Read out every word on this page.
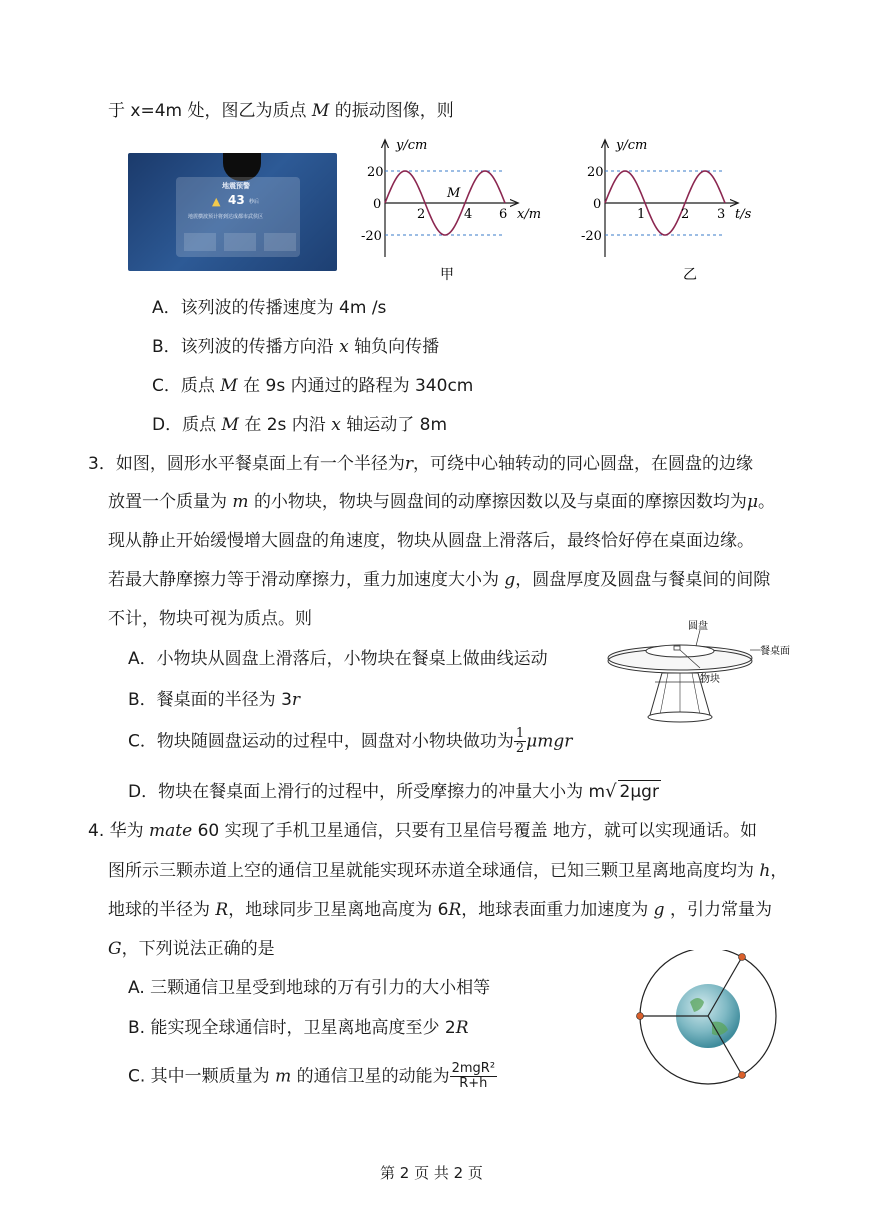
于 x=4m 处，图乙为质点 M 的振动图像，则
地震预警
▲ 43 秒后
地震横波预计将到达成都市武侯区
y/cm
20
0
-20
2	4 6 x/m
M
甲
y/cm
20
0
-20
1	2 3 t/s
乙
A．该列波的传播速度为 4m /s
B．该列波的传播方向沿 x 轴负向传播
C．质点 M 在 9s 内通过的路程为 340cm
D．质点 M 在 2s 内沿 x 轴运动了 8m
3．如图，圆形水平餐桌面上有一个半径为r，可绕中心轴转动的同心圆盘，在圆盘的边缘
放置一个质量为 m 的小物块，物块与圆盘间的动摩擦因数以及与桌面的摩擦因数均为μ。
现从静止开始缓慢增大圆盘的角速度，物块从圆盘上滑落后，最终恰好停在桌面边缘。
若最大静摩擦力等于滑动摩擦力，重力加速度大小为 g，圆盘厚度及圆盘与餐桌间的间隙
不计，物块可视为质点。则
A．小物块从圆盘上滑落后，小物块在餐桌上做曲线运动
B．餐桌面的半径为 3r
C．物块随圆盘运动的过程中，圆盘对小物块做功为 $\frac{1}{2}$ μmgr
D．物块在餐桌面上滑行的过程中，所受摩擦力的冲量大小为 m√ 2μgr
圆盘
餐桌面
物块
4. 华为 mate 60 实现了手机卫星通信，只要有卫星信号覆盖 地方，就可以实现通话。如
图所示三颗赤道上空的通信卫星就能实现环赤道全球通信，已知三颗卫星离地高度均为 h，
地球的半径为 R，地球同步卫星离地高度为 6R，地球表面重力加速度为 g ，引力常量为
G，下列说法正确的是
A. 三颗通信卫星受到地球的万有引力的大小相等
B. 能实现全球通信时，卫星离地高度至少 2R
C. 其中一颗质量为 m 的通信卫星的动能为 $\frac{\text{2mgR²}}{R+h}$
第 2 页 共 2 页
